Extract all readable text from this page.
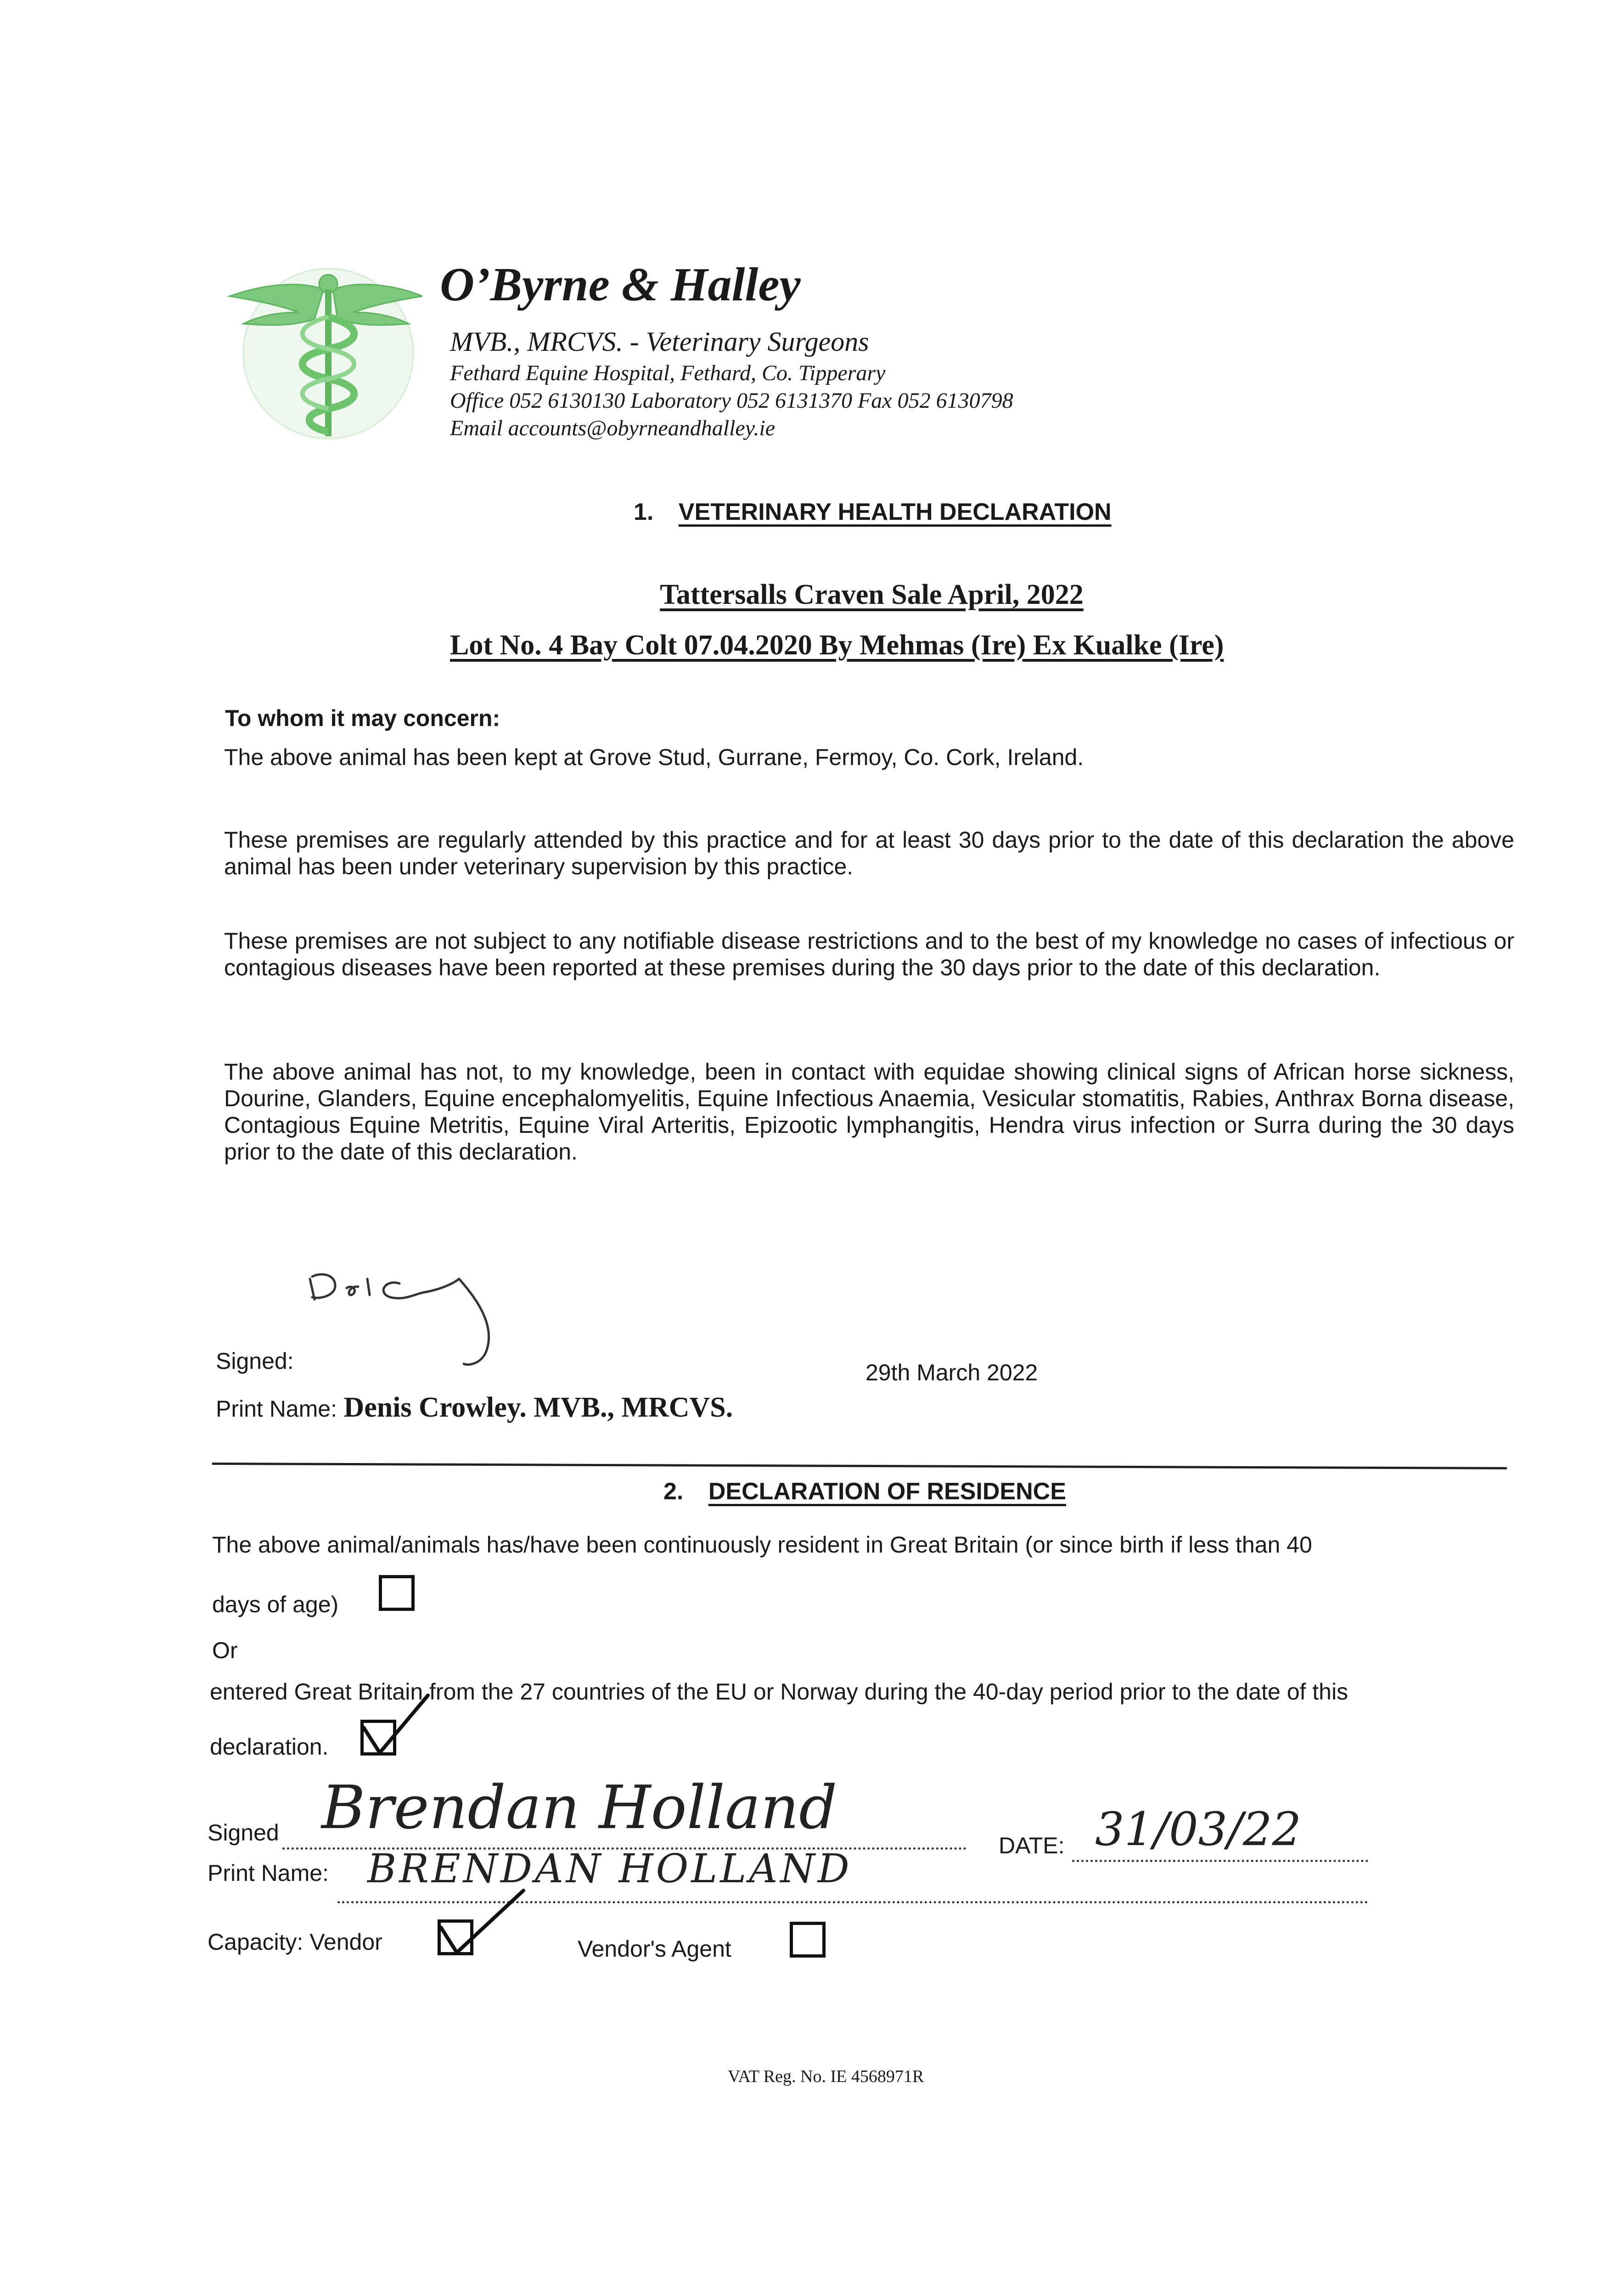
O’Byrne & Halley
MVB., MRCVS. - Veterinary Surgeons
Fethard Equine Hospital, Fethard, Co. Tipperary
Office 052 6130130 Laboratory 052 6131370 Fax 052 6130798
Email accounts@obyrneandhalley.ie
1. VETERINARY HEALTH DECLARATION
Tattersalls Craven Sale April, 2022
Lot No. 4 Bay Colt 07.04.2020 By Mehmas (Ire) Ex Kualke (Ire)
To whom it may concern:
The above animal has been kept at Grove Stud, Gurrane, Fermoy, Co. Cork, Ireland.
These premises are regularly attended by this practice and for at least 30 days prior to the date of this declaration the above animal has been under veterinary supervision by this practice.
These premises are not subject to any notifiable disease restrictions and to the best of my knowledge no cases of infectious or contagious diseases have been reported at these premises during the 30 days prior to the date of this declaration.
The above animal has not, to my knowledge, been in contact with equidae showing clinical signs of African horse sickness, Dourine, Glanders, Equine encephalomyelitis, Equine Infectious Anaemia, Vesicular stomatitis, Rabies, Anthrax Borna disease, Contagious Equine Metritis, Equine Viral Arteritis, Epizootic lymphangitis, Hendra virus infection or Surra during the 30 days prior to the date of this declaration.
Signed:	29th March 2022
Print Name: Denis Crowley. MVB., MRCVS.
2. DECLARATION OF RESIDENCE
The above animal/animals has/have been continuously resident in Great Britain (or since birth if less than 40
days of age)
Or
entered Great Britain from the 27 countries of the EU or Norway during the 40-day period prior to the date of this
declaration.
Signed Brendan Holland
DATE: 31/03/22
Print Name: BRENDAN HOLLAND
Capacity: Vendor	Vendor's Agent
VAT Reg. No. IE 4568971R
